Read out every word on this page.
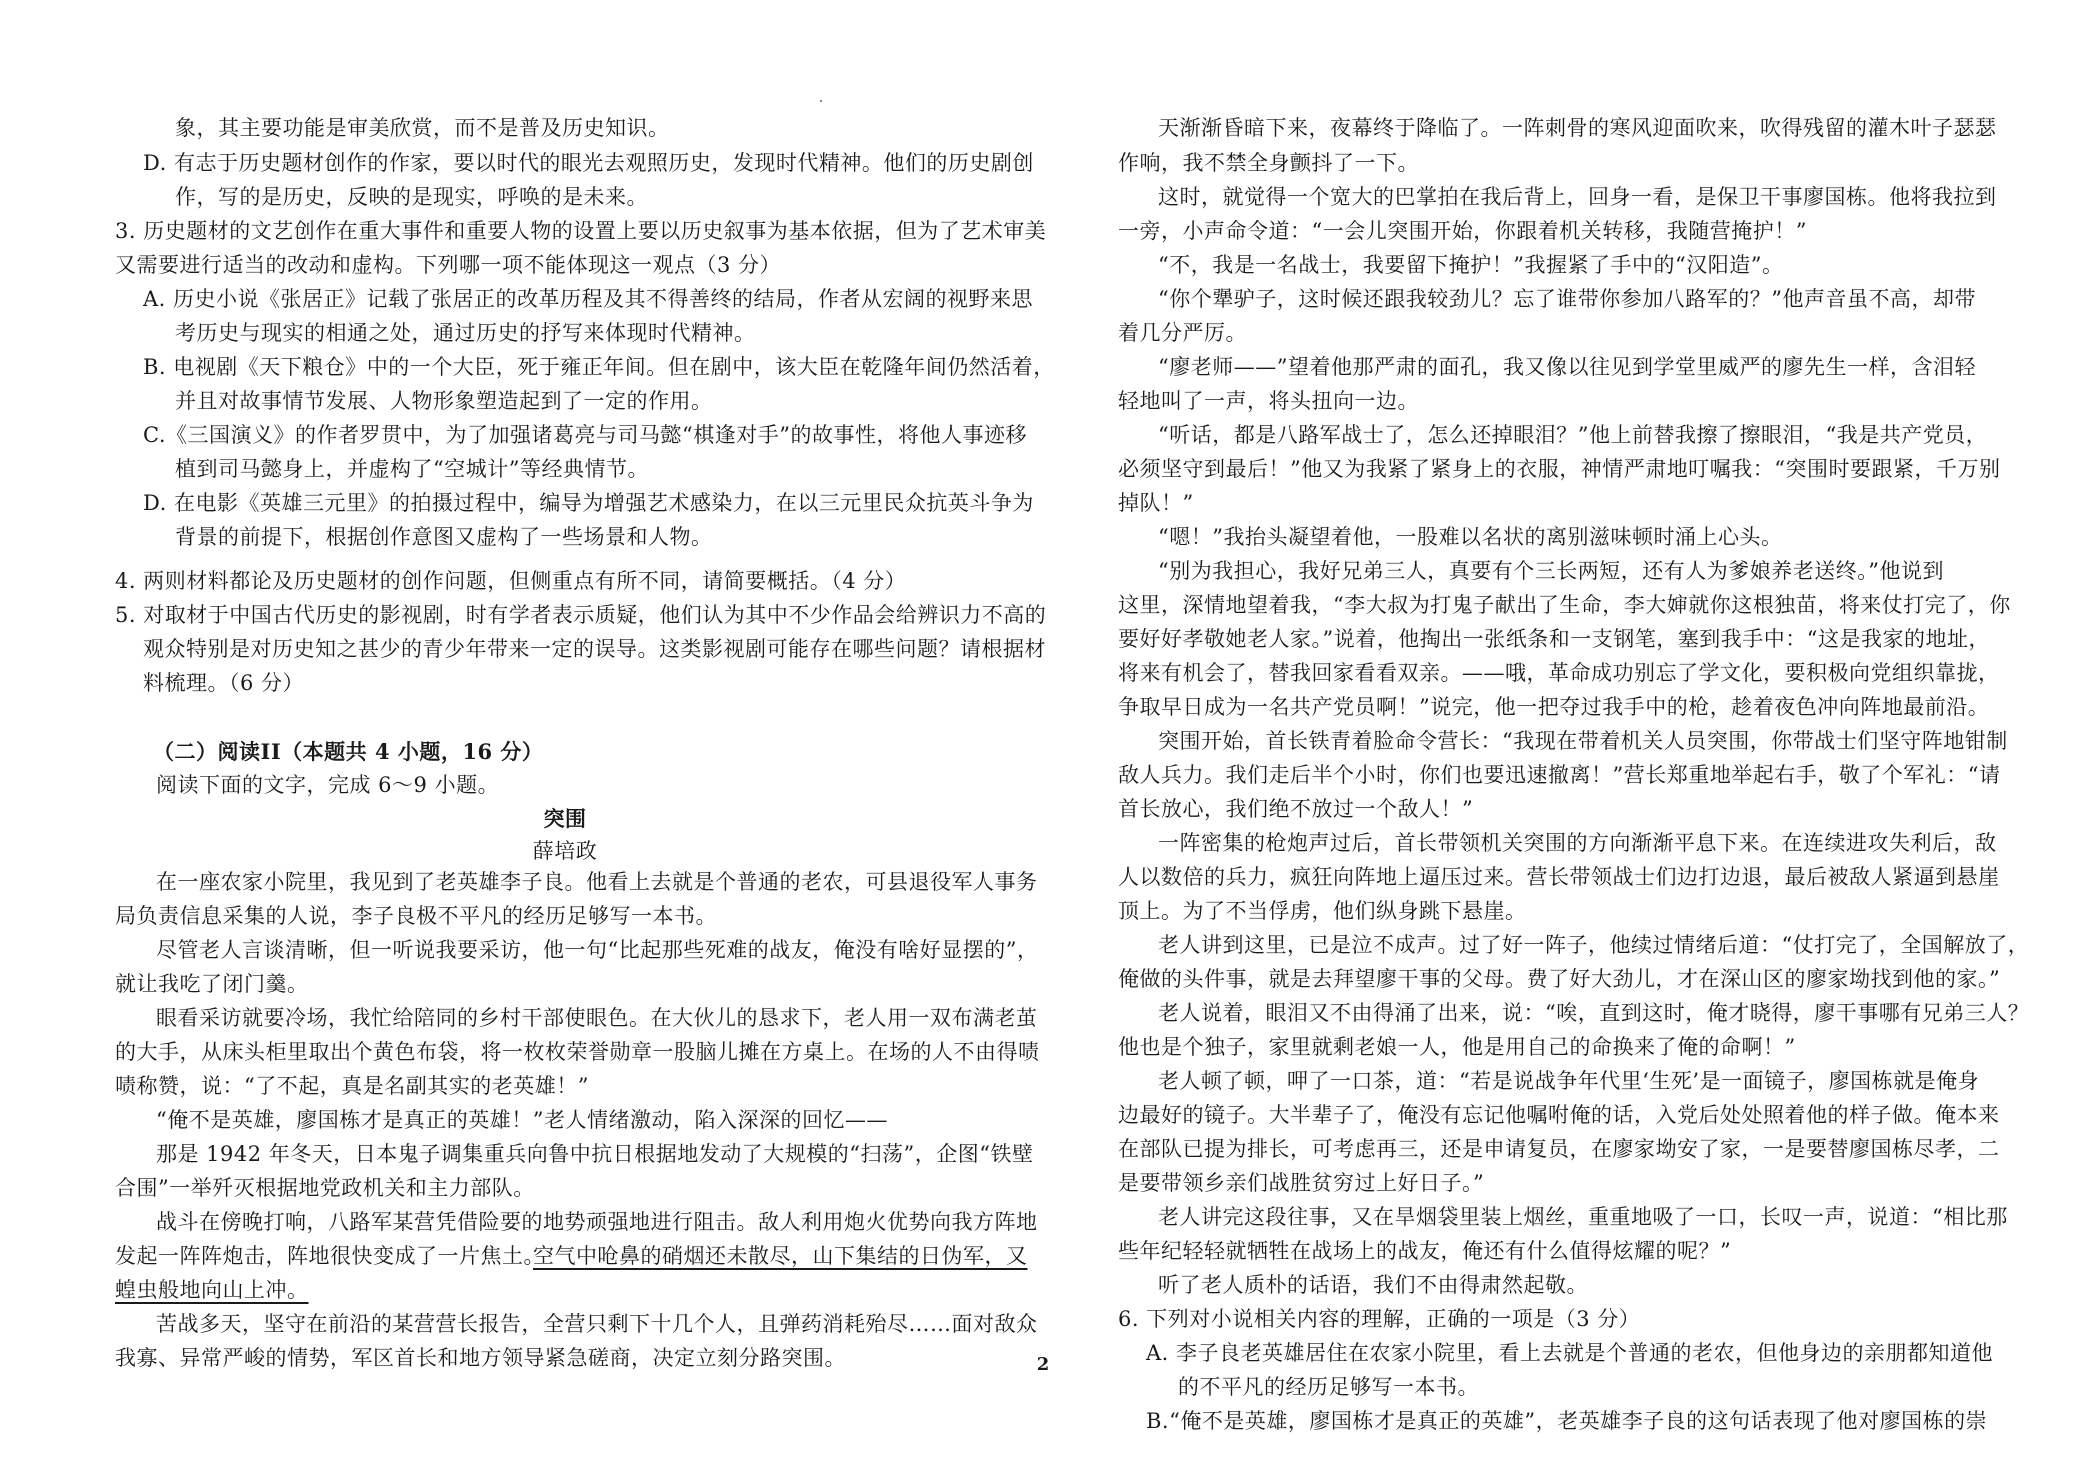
象，其主要功能是审美欣赏，而不是普及历史知识。
D. 有志于历史题材创作的作家，要以时代的眼光去观照历史，发现时代精神。他们的历史剧创
作，写的是历史，反映的是现实，呼唤的是未来。
3. 历史题材的文艺创作在重大事件和重要人物的设置上要以历史叙事为基本依据，但为了艺术审美
又需要进行适当的改动和虚构。下列哪一项不能体现这一观点（3 分）
A. 历史小说《张居正》记载了张居正的改革历程及其不得善终的结局，作者从宏阔的视野来思
考历史与现实的相通之处，通过历史的抒写来体现时代精神。
B. 电视剧《天下粮仓》中的一个大臣，死于雍正年间。但在剧中，该大臣在乾隆年间仍然活着，
并且对故事情节发展、人物形象塑造起到了一定的作用。
C.《三国演义》的作者罗贯中，为了加强诸葛亮与司马懿“棋逢对手”的故事性，将他人事迹移
植到司马懿身上，并虚构了“空城计”等经典情节。
D. 在电影《英雄三元里》的拍摄过程中，编导为增强艺术感染力，在以三元里民众抗英斗争为
背景的前提下，根据创作意图又虚构了一些场景和人物。
4. 两则材料都论及历史题材的创作问题，但侧重点有所不同，请简要概括。（4 分）
5. 对取材于中国古代历史的影视剧，时有学者表示质疑，他们认为其中不少作品会给辨识力不高的
观众特别是对历史知之甚少的青少年带来一定的误导。这类影视剧可能存在哪些问题？请根据材
料梳理。（6 分）
（二）阅读II（本题共 4 小题，16 分）
阅读下面的文字，完成 6～9 小题。
突围
薛培政
在一座农家小院里，我见到了老英雄李子良。他看上去就是个普通的老农，可县退役军人事务
局负责信息采集的人说，李子良极不平凡的经历足够写一本书。
尽管老人言谈清晰，但一听说我要采访，他一句“比起那些死难的战友，俺没有啥好显摆的”，
就让我吃了闭门羹。
眼看采访就要冷场，我忙给陪同的乡村干部使眼色。在大伙儿的恳求下，老人用一双布满老茧
的大手，从床头柜里取出个黄色布袋，将一枚枚荣誉勋章一股脑儿摊在方桌上。在场的人不由得啧
啧称赞，说：“了不起，真是名副其实的老英雄！”
“俺不是英雄，廖国栋才是真正的英雄！”老人情绪激动，陷入深深的回忆——
那是 1942 年冬天，日本鬼子调集重兵向鲁中抗日根据地发动了大规模的“扫荡”，企图“铁壁
合围”一举歼灭根据地党政机关和主力部队。
战斗在傍晚打响，八路军某营凭借险要的地势顽强地进行阻击。敌人利用炮火优势向我方阵地
发起一阵阵炮击，阵地很快变成了一片焦土。
空气中呛鼻的硝烟还未散尽，山下集结的日伪军，又
蝗虫般地向山上冲。
苦战多天，坚守在前沿的某营营长报告，全营只剩下十几个人，且弹药消耗殆尽……面对敌众
我寡、异常严峻的情势，军区首长和地方领导紧急磋商，决定立刻分路突围。
天渐渐昏暗下来，夜幕终于降临了。一阵刺骨的寒风迎面吹来，吹得残留的灌木叶子瑟瑟
作响，我不禁全身颤抖了一下。
这时，就觉得一个宽大的巴掌拍在我后背上，回身一看，是保卫干事廖国栋。他将我拉到
一旁，小声命令道：“一会儿突围开始，你跟着机关转移，我随营掩护！”
“不，我是一名战士，我要留下掩护！”我握紧了手中的“汉阳造”。
“你个犟驴子，这时候还跟我较劲儿？忘了谁带你参加八路军的？”他声音虽不高，却带
着几分严厉。
“廖老师——”望着他那严肃的面孔，我又像以往见到学堂里威严的廖先生一样，含泪轻
轻地叫了一声，将头扭向一边。
“听话，都是八路军战士了，怎么还掉眼泪？”他上前替我擦了擦眼泪，“我是共产党员，
必须坚守到最后！”他又为我紧了紧身上的衣服，神情严肃地叮嘱我：“突围时要跟紧，千万别
掉队！”
“嗯！”我抬头凝望着他，一股难以名状的离别滋味顿时涌上心头。
“别为我担心，我好兄弟三人，真要有个三长两短，还有人为爹娘养老送终。”他说到
这里，深情地望着我，“李大叔为打鬼子献出了生命，李大婶就你这根独苗，将来仗打完了，你
要好好孝敬她老人家。”说着，他掏出一张纸条和一支钢笔，塞到我手中：“这是我家的地址，
将来有机会了，替我回家看看双亲。——哦，革命成功别忘了学文化，要积极向党组织靠拢，
争取早日成为一名共产党员啊！”说完，他一把夺过我手中的枪，趁着夜色冲向阵地最前沿。
突围开始，首长铁青着脸命令营长：“我现在带着机关人员突围，你带战士们坚守阵地钳制
敌人兵力。我们走后半个小时，你们也要迅速撤离！”营长郑重地举起右手，敬了个军礼：“请
首长放心，我们绝不放过一个敌人！”
一阵密集的枪炮声过后，首长带领机关突围的方向渐渐平息下来。在连续进攻失利后，敌
人以数倍的兵力，疯狂向阵地上逼压过来。营长带领战士们边打边退，最后被敌人紧逼到悬崖
顶上。为了不当俘虏，他们纵身跳下悬崖。
老人讲到这里，已是泣不成声。过了好一阵子，他续过情绪后道：“仗打完了，全国解放了，
俺做的头件事，就是去拜望廖干事的父母。费了好大劲儿，才在深山区的廖家坳找到他的家。”
老人说着，眼泪又不由得涌了出来，说：“唉，直到这时，俺才晓得，廖干事哪有兄弟三人？
他也是个独子，家里就剩老娘一人，他是用自己的命换来了俺的命啊！”
老人顿了顿，呷了一口茶，道：“若是说战争年代里‘生死’是一面镜子，廖国栋就是俺身
边最好的镜子。大半辈子了，俺没有忘记他嘱咐俺的话，入党后处处照着他的样子做。俺本来
在部队已提为排长，可考虑再三，还是申请复员，在廖家坳安了家，一是要替廖国栋尽孝，二
是要带领乡亲们战胜贫穷过上好日子。”
老人讲完这段往事，又在旱烟袋里装上烟丝，重重地吸了一口，长叹一声，说道：“相比那
些年纪轻轻就牺牲在战场上的战友，俺还有什么值得炫耀的呢？”
听了老人质朴的话语，我们不由得肃然起敬。
6. 下列对小说相关内容的理解，正确的一项是（3 分）
A. 李子良老英雄居住在农家小院里，看上去就是个普通的老农，但他身边的亲朋都知道他
的不平凡的经历足够写一本书。
B.“俺不是英雄，廖国栋才是真正的英雄”，老英雄李子良的这句话表现了他对廖国栋的崇
2
